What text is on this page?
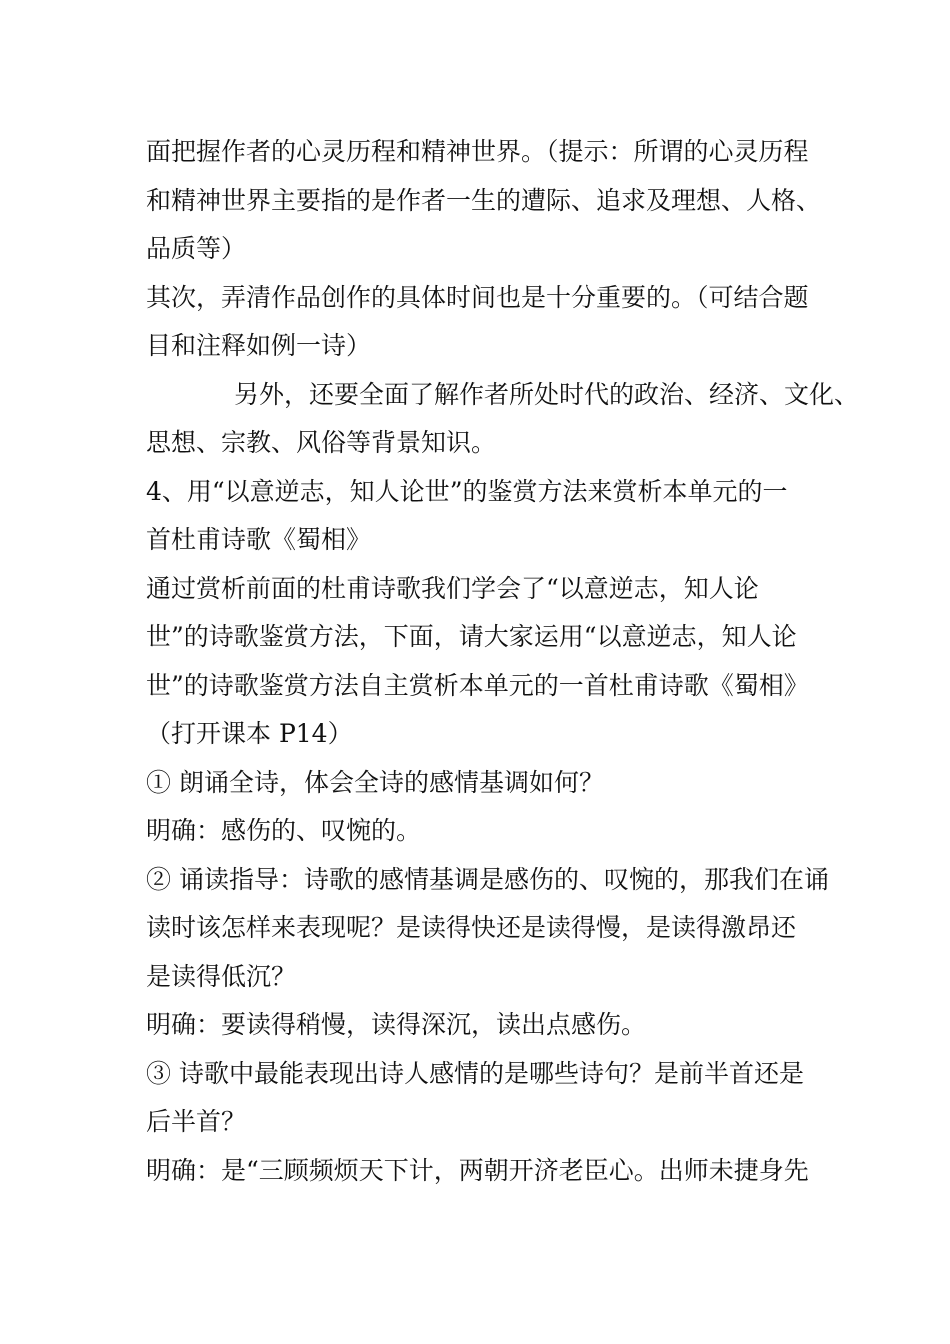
面把握作者的心灵历程和精神世界。（提示：所谓的心灵历程
和精神世界主要指的是作者一生的遭际、追求及理想、人格、
品质等）
其次，弄清作品创作的具体时间也是十分重要的。（可结合题
目和注释如例一诗）
另外，还要全面了解作者所处时代的政治、经济、文化、
思想、宗教、风俗等背景知识。
4、用“以意逆志，知人论世”的鉴赏方法来赏析本单元的一
首杜甫诗歌《蜀相》
通过赏析前面的杜甫诗歌我们学会了“以意逆志，知人论
世”的诗歌鉴赏方法，下面，请大家运用“以意逆志，知人论
世”的诗歌鉴赏方法自主赏析本单元的一首杜甫诗歌《蜀相》
（打开课本 P14）
① 朗诵全诗，体会全诗的感情基调如何？
明确：感伤的、叹惋的。
② 诵读指导：诗歌的感情基调是感伤的、叹惋的，那我们在诵
读时该怎样来表现呢？是读得快还是读得慢，是读得激昂还
是读得低沉？
明确：要读得稍慢，读得深沉，读出点感伤。
③ 诗歌中最能表现出诗人感情的是哪些诗句？是前半首还是
后半首？
明确：是“三顾频烦天下计，两朝开济老臣心。出师未捷身先
